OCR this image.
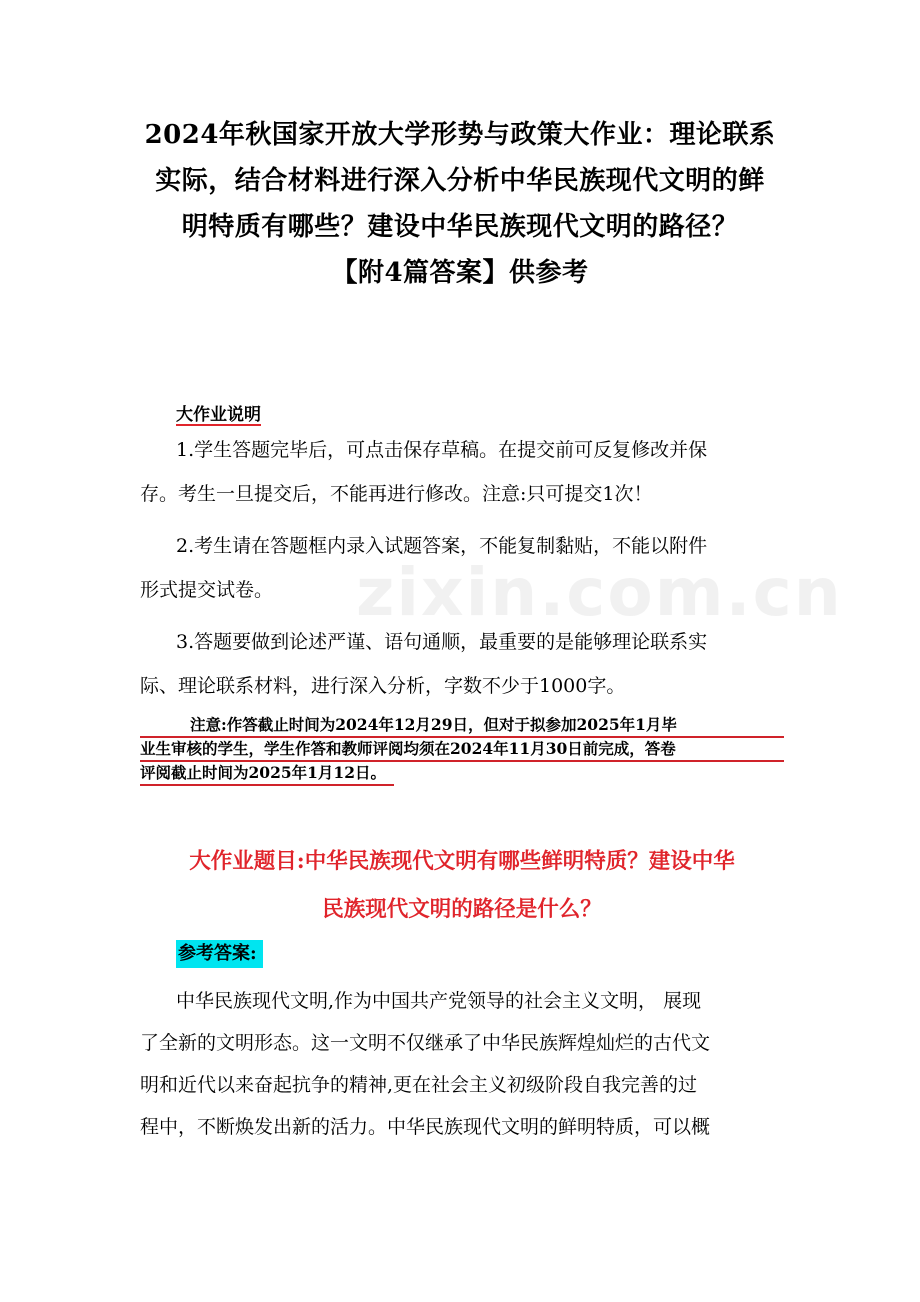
zixin.com.cn
2024年秋国家开放大学形势与政策大作业：理论联系
实际，结合材料进行深入分析中华民族现代文明的鲜
明特质有哪些？建设中华民族现代文明的路径？
【附4篇答案】供参考
大作业说明
1.学生答题完毕后，可点击保存草稿。在提交前可反复修改并保
存。考生一旦提交后，不能再进行修改。注意:只可提交1次！
2.考生请在答题框内录入试题答案，不能复制黏贴，不能以附件
形式提交试卷。
3.答题要做到论述严谨、语句通顺，最重要的是能够理论联系实
际、理论联系材料，进行深入分析，字数不少于1000字。
注意:作答截止时间为2024年12月29日，但对于拟参加2025年1月毕
业生审核的学生，学生作答和教师评阅均须在2024年11月30日前完成，答卷
评阅截止时间为2025年1月12日。
大作业题目:中华民族现代文明有哪些鲜明特质？建设中华
民族现代文明的路径是什么？
参考答案:
中华民族现代文明,作为中国共产党领导的社会主义文明， 展现
了全新的文明形态。这一文明不仅继承了中华民族辉煌灿烂的古代文
明和近代以来奋起抗争的精神,更在社会主义初级阶段自我完善的过
程中，不断焕发出新的活力。中华民族现代文明的鲜明特质，可以概
